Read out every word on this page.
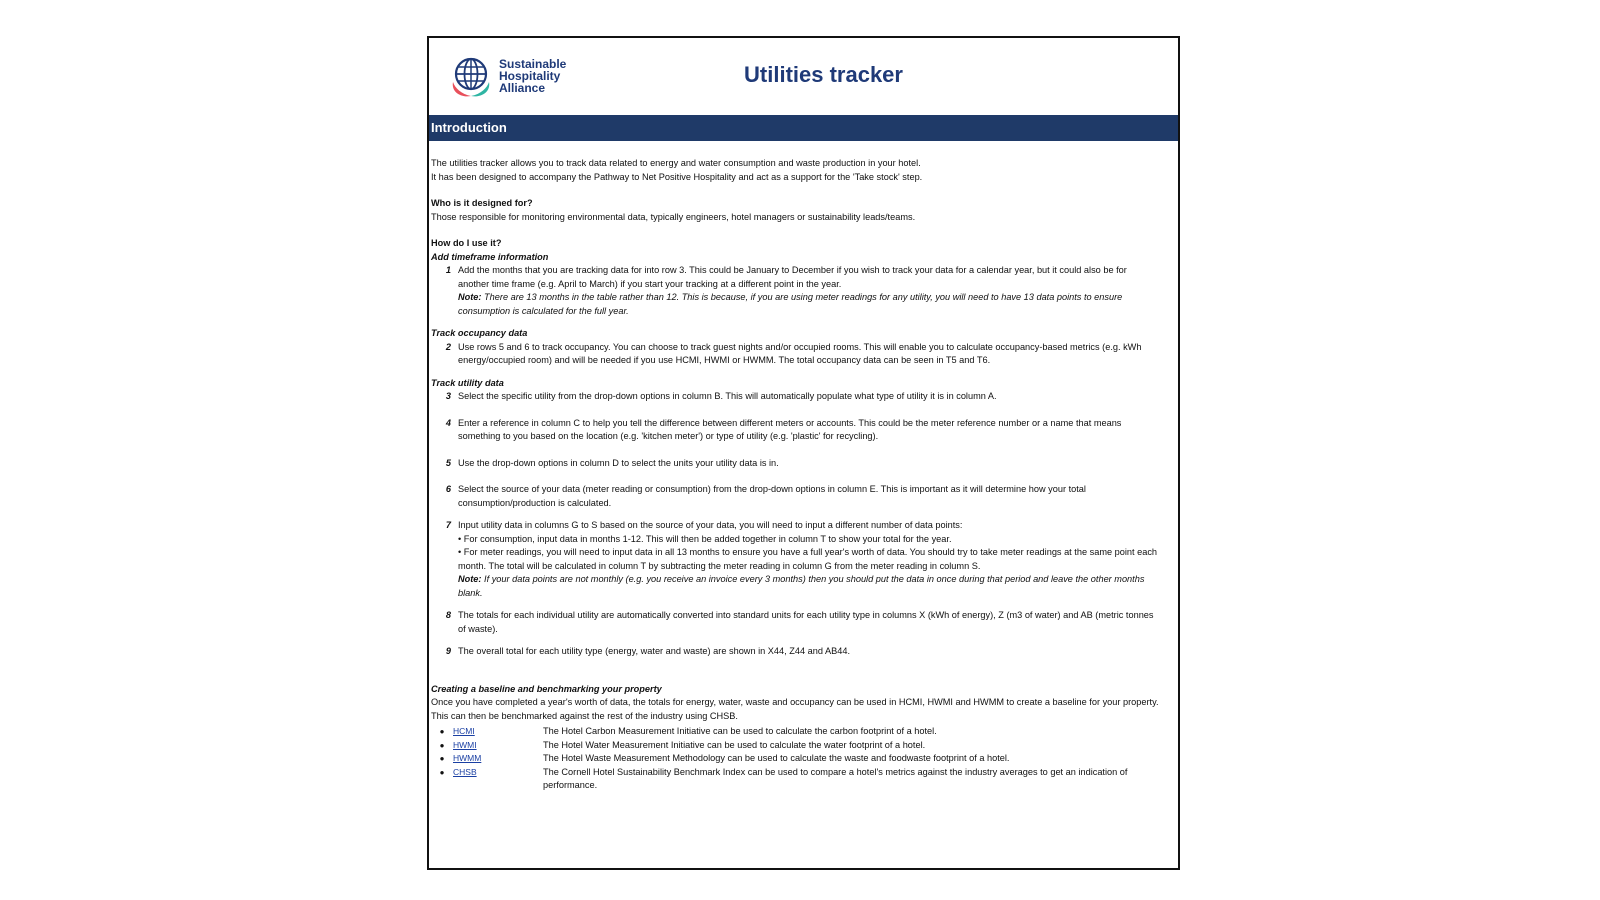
Sustainable
Hospitality
Alliance
Utilities tracker
Introduction

The utilities tracker allows you to track data related to energy and water consumption and waste production in your hotel.

It has been designed to accompany the Pathway to Net Positive Hospitality and act as a support for the 'Take stock' step.

Who is it designed for?

Those responsible for monitoring environmental data, typically engineers, hotel managers or sustainability leads/teams.

How do I use it?

Add timeframe information

1 Add the months that you are tracking data for into row 3. This could be January to December if you wish to track your data for a calendar year, but it could also be for another time frame (e.g. April to March) if you start your tracking at a different point in the year.
Note: There are 13 months in the table rather than 12. This is because, if you are using meter readings for any utility, you will need to have 13 data points to ensure consumption is calculated for the full year.

Track occupancy data

2 Use rows 5 and 6 to track occupancy. You can choose to track guest nights and/or occupied rooms. This will enable you to calculate occupancy-based metrics (e.g. kWh energy/occupied room) and will be needed if you use HCMI, HWMI or HWMM. The total occupancy data can be seen in T5 and T6.

Track utility data

3 Select the specific utility from the drop-down options in column B. This will automatically populate what type of utility it is in column A.
4 Enter a reference in column C to help you tell the difference between different meters or accounts. This could be the meter reference number or a name that means something to you based on the location (e.g. 'kitchen meter') or type of utility (e.g. 'plastic' for recycling).
5 Use the drop-down options in column D to select the units your utility data is in.
6 Select the source of your data (meter reading or consumption) from the drop-down options in column E. This is important as it will determine how your total consumption/production is calculated.
7 Input utility data in columns G to S based on the source of your data, you will need to input a different number of data points:
• For consumption, input data in months 1-12. This will then be added together in column T to show your total for the year.
• For meter readings, you will need to input data in all 13 months to ensure you have a full year's worth of data. You should try to take meter readings at the same point each month. The total will be calculated in column T by subtracting the meter reading in column G from the meter reading in column S.
Note: If your data points are not monthly (e.g. you receive an invoice every 3 months) then you should put the data in once during that period and leave the other months blank.
8 The totals for each individual utility are automatically converted into standard units for each utility type in columns X (kWh of energy), Z (m3 of water) and AB (metric tonnes of waste).
9 The overall total for each utility type (energy, water and waste) are shown in X44, Z44 and AB44.

Creating a baseline and benchmarking your property

Once you have completed a year's worth of data, the totals for energy, water, waste and occupancy can be used in HCMI, HWMI and HWMM to create a baseline for your property. This can then be benchmarked against the rest of the industry using CHSB.

●	HCMI	The Hotel Carbon Measurement Initiative can be used to calculate the carbon footprint of a hotel.
●	HWMI	The Hotel Water Measurement Initiative can be used to calculate the water footprint of a hotel.
●	HWMM	The Hotel Waste Measurement Methodology can be used to calculate the waste and foodwaste footprint of a hotel.
●	CHSB	The Cornell Hotel Sustainability Benchmark Index can be used to compare a hotel's metrics against the industry averages to get an indication of performance.
